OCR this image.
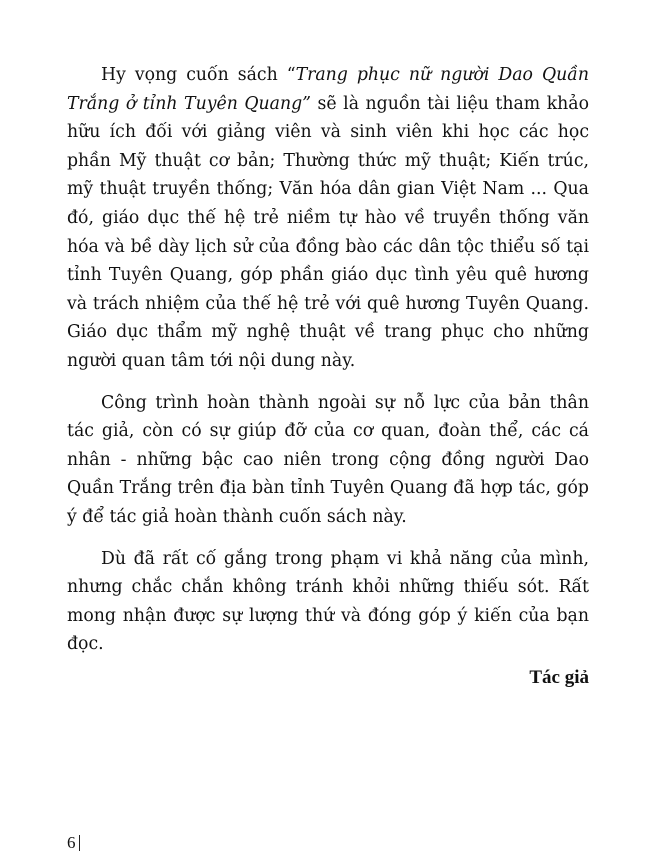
Hy vọng cuốn sách “Trang phục nữ người Dao Quần Trắng ở tỉnh Tuyên Quang” sẽ là nguồn tài liệu tham khảo hữu ích đối với giảng viên và sinh viên khi học các học phần Mỹ thuật cơ bản; Thường thức mỹ thuật; Kiến trúc, mỹ thuật truyền thống; Văn hóa dân gian Việt Nam ... Qua đó, giáo dục thế hệ trẻ niềm tự hào về truyền thống văn hóa và bề dày lịch sử của đồng bào các dân tộc thiểu số tại tỉnh Tuyên Quang, góp phần giáo dục tình yêu quê hương và trách nhiệm của thế hệ trẻ với quê hương Tuyên Quang. Giáo dục thẩm mỹ nghệ thuật về trang phục cho những người quan tâm tới nội dung này.

Công trình hoàn thành ngoài sự nỗ lực của bản thân tác giả, còn có sự giúp đỡ của cơ quan, đoàn thể, các cá nhân - những bậc cao niên trong cộng đồng người Dao Quần Trắng trên địa bàn tỉnh Tuyên Quang đã hợp tác, góp ý để tác giả hoàn thành cuốn sách này.

Dù đã rất cố gắng trong phạm vi khả năng của mình, nhưng chắc chắn không tránh khỏi những thiếu sót. Rất mong nhận được sự lượng thứ và đóng góp ý kiến của bạn đọc.

Tác giả

6
